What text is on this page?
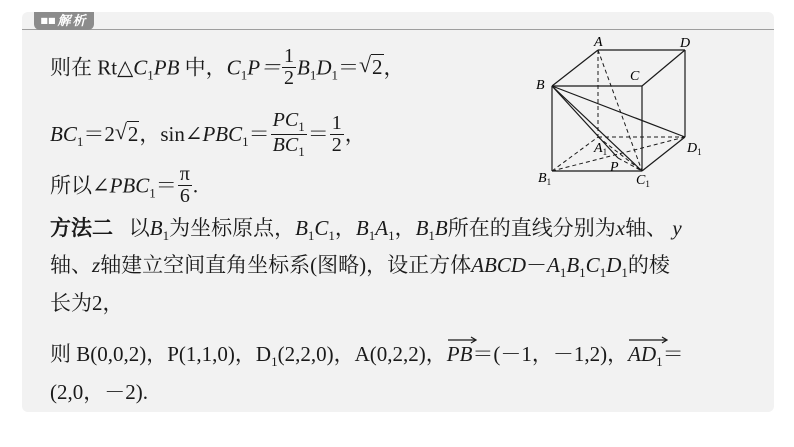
■■ 解析
则在 $Rt\triangle C_1PB$ 中，$C_1P= \frac{1}{2} B_1D_1=$ √ 2，
$BC_1=2$ √ 2，$\sin\angle PBC_1= \frac{PC_1}{BC_1} = \frac{1}{2}$ ，
所以$\angle PBC_1= \frac{\pi}{6}$ .
方法二 以$B_1$为坐标原点，$B_1C_1$，$B_1A_1$，$B_1B$所在的直线分别为x轴、 y
轴、z轴建立空间直角坐标系(图略)，设正方体$ABCD-A_1B_1C_1D_1$的棱
长为2，
则 B(0,0,2)，P(1,1,0)，$D_1(2,2,0)$，A(0,2,2)，
PB＝(－1，－1,2)，
$AD_1=$
(2,0，－2).
A	D
B
C
$A_1$	$D_1$
$B_1$	$C_1$
P
